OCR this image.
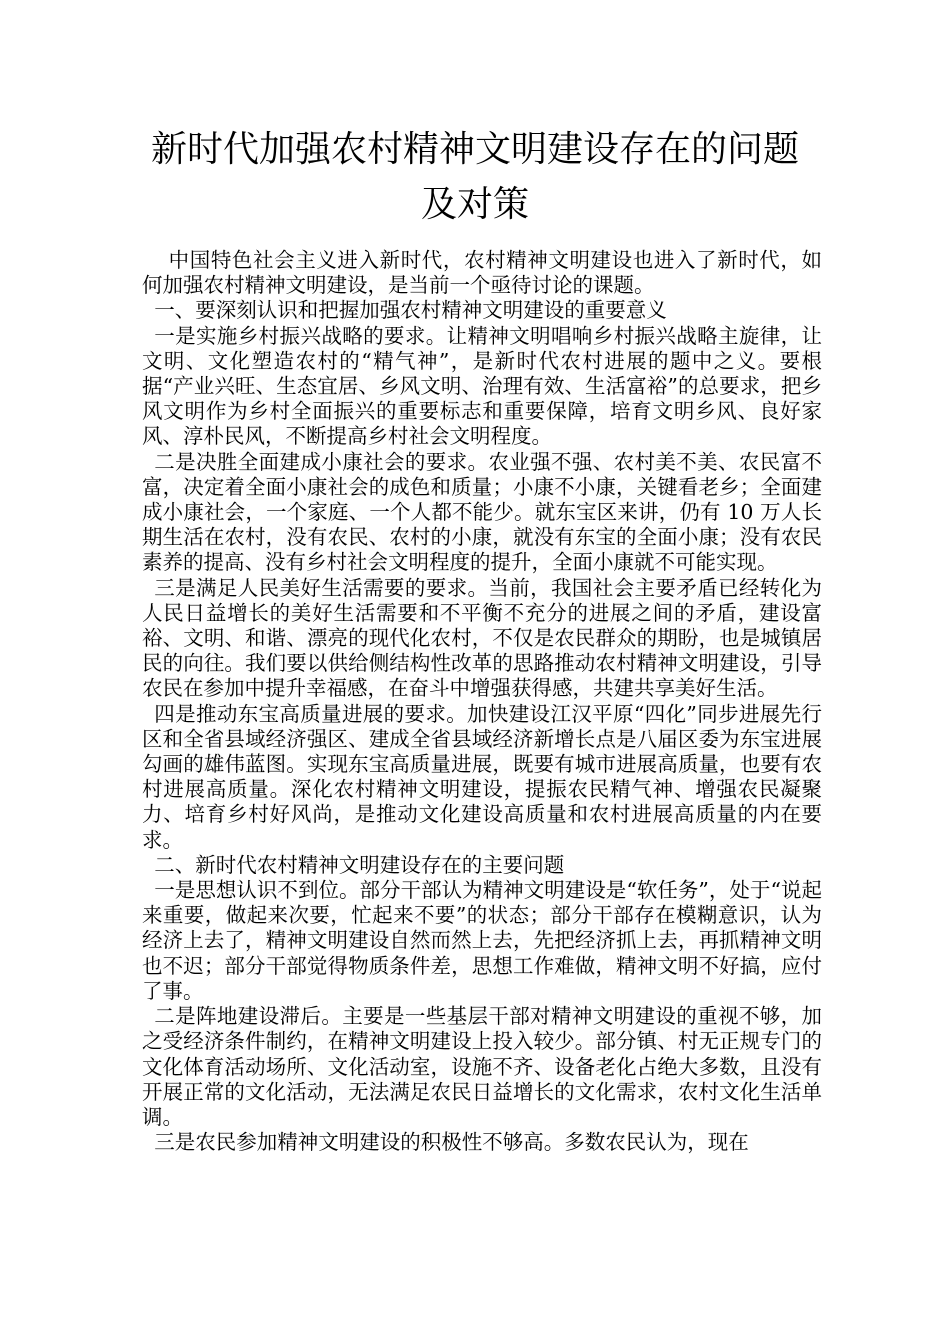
新时代加强农村精神文明建设存在的问题
及对策

中国特色社会主义进入新时代，农村精神文明建设也进入了新时代，如何加强农村精神文明建设，是当前一个亟待讨论的课题。

一、要深刻认识和把握加强农村精神文明建设的重要意义

一是实施乡村振兴战略的要求。让精神文明唱响乡村振兴战略主旋律，让文明、文化塑造农村的“精气神”，是新时代农村进展的题中之义。要根据“产业兴旺、生态宜居、乡风文明、治理有效、生活富裕”的总要求，把乡风文明作为乡村全面振兴的重要标志和重要保障，培育文明乡风、良好家风、淳朴民风，不断提高乡村社会文明程度。

二是决胜全面建成小康社会的要求。农业强不强、农村美不美、农民富不富，决定着全面小康社会的成色和质量；小康不小康，关键看老乡；全面建成小康社会，一个家庭、一个人都不能少。就东宝区来讲，仍有 10 万人长期生活在农村，没有农民、农村的小康，就没有东宝的全面小康；没有农民素养的提高、没有乡村社会文明程度的提升，全面小康就不可能实现。

三是满足人民美好生活需要的要求。当前，我国社会主要矛盾已经转化为人民日益增长的美好生活需要和不平衡不充分的进展之间的矛盾，建设富裕、文明、和谐、漂亮的现代化农村，不仅是农民群众的期盼，也是城镇居民的向往。我们要以供给侧结构性改革的思路推动农村精神文明建设，引导农民在参加中提升幸福感，在奋斗中增强获得感，共建共享美好生活。

四是推动东宝高质量进展的要求。加快建设江汉平原“四化”同步进展先行区和全省县域经济强区、建成全省县域经济新增长点是八届区委为东宝进展勾画的雄伟蓝图。实现东宝高质量进展，既要有城市进展高质量，也要有农村进展高质量。深化农村精神文明建设，提振农民精气神、增强农民凝聚力、培育乡村好风尚，是推动文化建设高质量和农村进展高质量的内在要求。

二、新时代农村精神文明建设存在的主要问题

一是思想认识不到位。部分干部认为精神文明建设是“软任务”，处于“说起来重要，做起来次要，忙起来不要”的状态；部分干部存在模糊意识，认为经济上去了，精神文明建设自然而然上去，先把经济抓上去，再抓精神文明也不迟；部分干部觉得物质条件差，思想工作难做，精神文明不好搞，应付了事。

二是阵地建设滞后。主要是一些基层干部对精神文明建设的重视不够，加之受经济条件制约，在精神文明建设上投入较少。部分镇、村无正规专门的文化体育活动场所、文化活动室，设施不齐、设备老化占绝大多数，且没有开展正常的文化活动，无法满足农民日益增长的文化需求，农村文化生活单调。

三是农民参加精神文明建设的积极性不够高。多数农民认为，现在
